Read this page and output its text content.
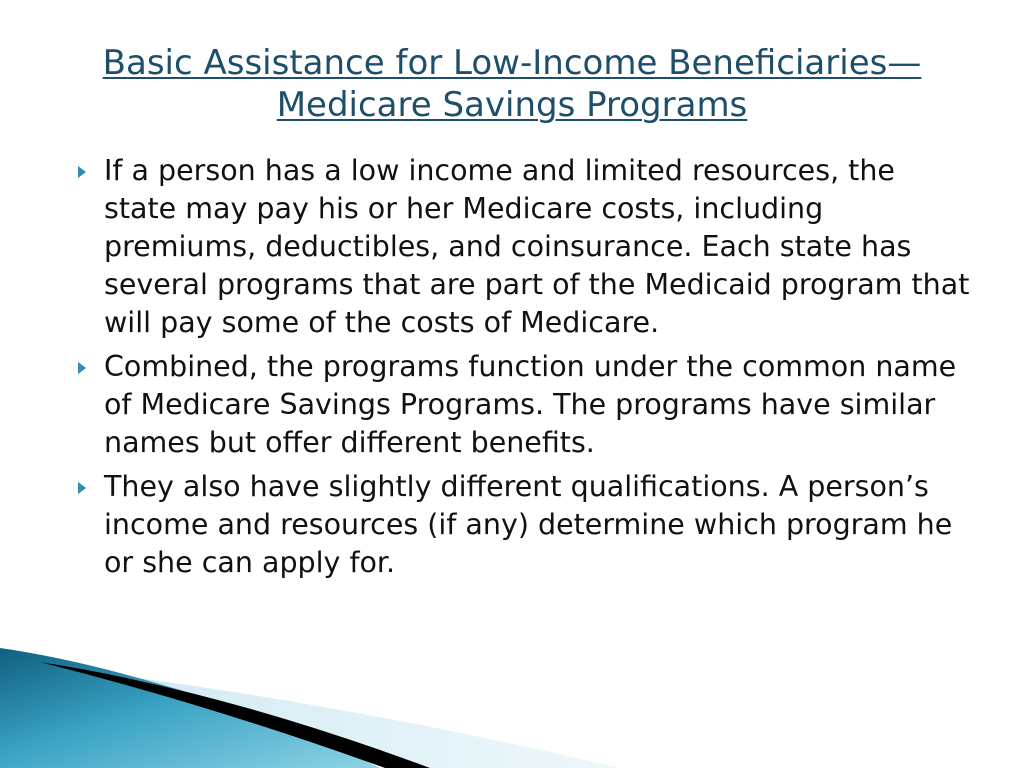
Basic Assistance for Low-Income Beneficiaries—Medicare Savings Programs
If a person has a low income and limited resources, the state may pay his or her Medicare costs, including premiums, deductibles, and coinsurance. Each state has several programs that are part of the Medicaid program that will pay some of the costs of Medicare.
Combined, the programs function under the common name of Medicare Savings Programs. The programs have similar names but offer different benefits.
They also have slightly different qualifications. A person’s income and resources (if any) determine which program he or she can apply for.
